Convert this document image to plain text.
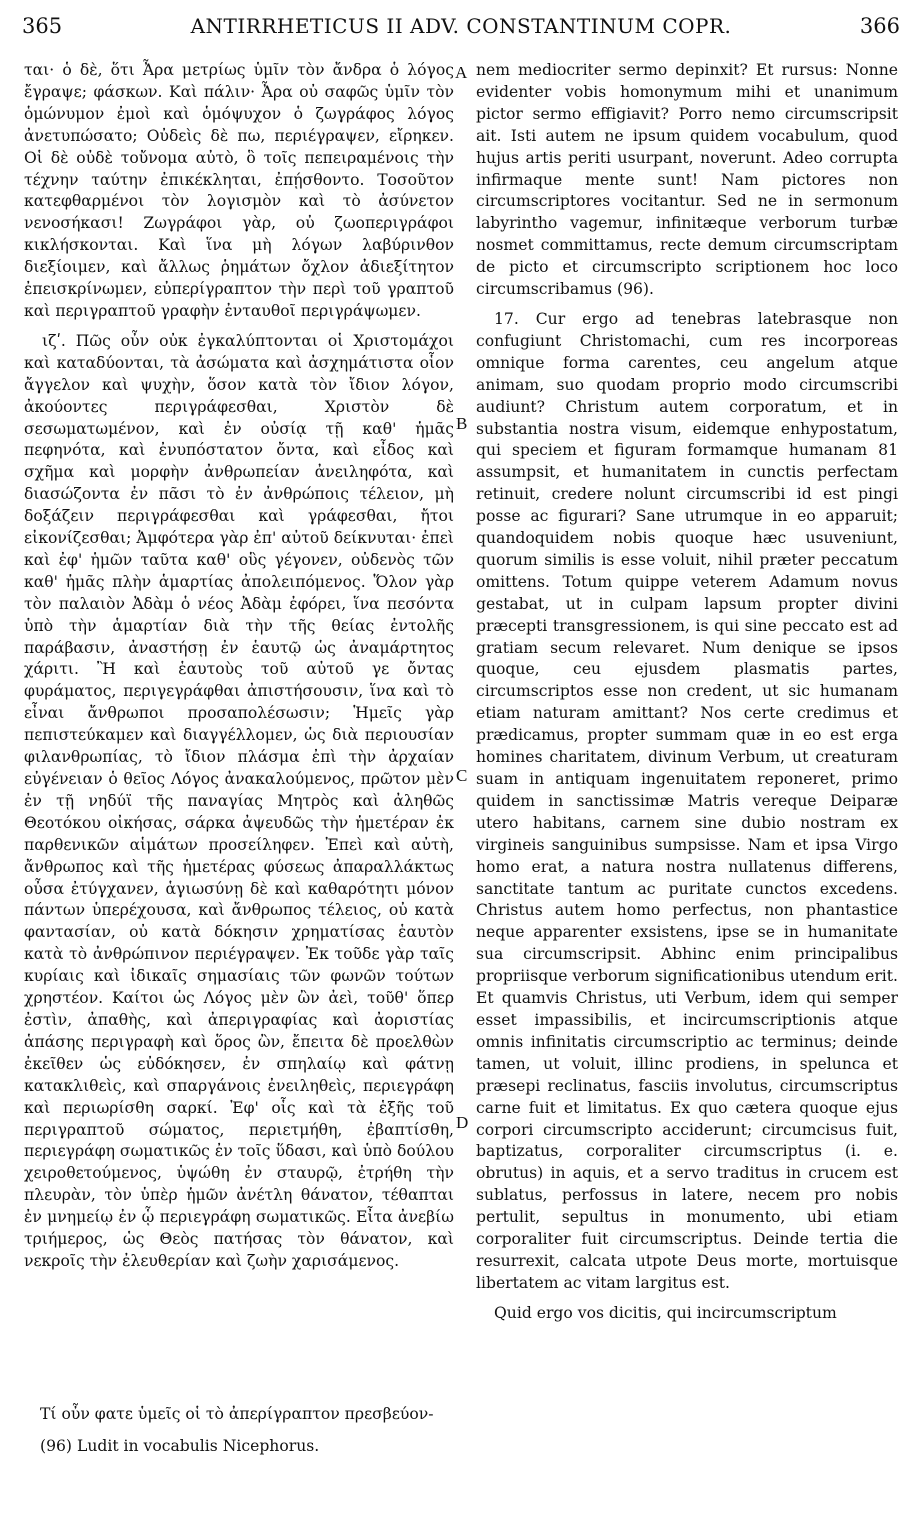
365	ANTIRRHETICUS II ADV. CONSTANTINUM COPR.	366

ται· ὁ δὲ, ὅτι Ἆρα μετρίως ὑμῖν τὸν ἄνδρα ὁ λόγος ἔγραψε; φάσκων. Καὶ πάλιν· Ἆρα οὐ σαφῶς ὑμῖν τὸν ὁμώνυμον ἐμοὶ καὶ ὁμόψυχον ὁ ζωγράφος λόγος ἀνετυπώσατο; Οὐδεὶς δὲ πω, περιέγραψεν, εἴρηκεν. Οἱ δὲ οὐδὲ τοὔνομα αὐτὸ, ὃ τοῖς πεπειραμένοις τὴν τέχνην ταύτην ἐπικέκληται, ἐπῄσθοντο. Τοσοῦτον κατεφθαρμένοι τὸν λογισμὸν καὶ τὸ ἀσύνετον νενοσήκασι! Ζωγράφοι γὰρ, οὐ ζωοπεριγράφοι κικλήσκονται. Καὶ ἵνα μὴ λόγων λαβύρινθον διεξίοιμεν, καὶ ἄλλως ῥημάτων ὄχλον ἀδιεξίτητον ἐπεισκρίνωμεν, εὐπερίγραπτον τὴν περὶ τοῦ γραπτοῦ καὶ περιγραπτοῦ γραφὴν ἐνταυθοῖ περιγράψωμεν.

ιζʹ. Πῶς οὖν οὐκ ἐγκαλύπτονται οἱ Χριστομάχοι καὶ καταδύονται, τὰ ἀσώματα καὶ ἀσχημάτιστα οἷον ἄγγελον καὶ ψυχὴν, ὅσον κατὰ τὸν ἴδιον λόγον, ἀκούοντες περιγράφεσθαι, Χριστὸν δὲ σεσωματωμένον, καὶ ἐν οὐσίᾳ τῇ καθ' ἡμᾶς πεφηνότα, καὶ ἐνυπόστατον ὄντα, καὶ εἶδος καὶ σχῆμα καὶ μορφὴν ἀνθρωπείαν ἀνειληφότα, καὶ διασώζοντα ἐν πᾶσι τὸ ἐν ἀνθρώποις τέλειον, μὴ δοξάζειν περιγράφεσθαι καὶ γράφεσθαι, ἤτοι εἰκονίζεσθαι; Ἀμφότερα γὰρ ἐπ' αὐτοῦ δείκνυται· ἐπεὶ καὶ ἐφ' ἡμῶν ταῦτα καθ' οὓς γέγονεν, οὐδενὸς τῶν καθ' ἡμᾶς πλὴν ἁμαρτίας ἀπολειπόμενος. Ὅλον γὰρ τὸν παλαιὸν Ἀδὰμ ὁ νέος Ἀδὰμ ἐφόρει, ἵνα πεσόντα ὑπὸ τὴν ἁμαρτίαν διὰ τὴν τῆς θείας ἐντολῆς παράβασιν, ἀναστήσῃ ἐν ἑαυτῷ ὡς ἀναμάρτητος χάριτι. Ἢ καὶ ἑαυτοὺς τοῦ αὐτοῦ γε ὄντας φυράματος, περιγεγράφθαι ἀπιστήσουσιν, ἵνα καὶ τὸ εἶναι ἄνθρωποι προσαπολέσωσιν; Ἡμεῖς γὰρ πεπιστεύκαμεν καὶ διαγγέλλομεν, ὡς διὰ περιουσίαν φιλανθρωπίας, τὸ ἴδιον πλάσμα ἐπὶ τὴν ἀρχαίαν εὐγένειαν ὁ θεῖος Λόγος ἀνακαλούμενος, πρῶτον μὲν ἐν τῇ νηδύϊ τῆς παναγίας Μητρὸς καὶ ἀληθῶς Θεοτόκου οἰκήσας, σάρκα ἀψευδῶς τὴν ἡμετέραν ἐκ παρθενικῶν αἱμάτων προσείληφεν. Ἐπεὶ καὶ αὐτὴ, ἄνθρωπος καὶ τῆς ἡμετέρας φύσεως ἀπαραλλάκτως οὖσα ἐτύγχανεν, ἁγιωσύνῃ δὲ καὶ καθαρότητι μόνον πάντων ὑπερέχουσα, καὶ ἄνθρωπος τέλειος, οὐ κατὰ φαντασίαν, οὐ κατὰ δόκησιν χρηματίσας ἑαυτὸν κατὰ τὸ ἀνθρώπινον περιέγραψεν. Ἐκ τοῦδε γὰρ ταῖς κυρίαις καὶ ἰδικαῖς σημασίαις τῶν φωνῶν τούτων χρηστέον. Καίτοι ὡς Λόγος μὲν ὢν ἀεὶ, τοῦθ' ὅπερ ἐστὶν, ἀπαθὴς, καὶ ἀπεριγραφίας καὶ ἀοριστίας ἁπάσης περιγραφὴ καὶ ὅρος ὢν, ἔπειτα δὲ προελθὼν ἐκεῖθεν ὡς εὐδόκησεν, ἐν σπηλαίῳ καὶ φάτνῃ κατακλιθεὶς, καὶ σπαργάνοις ἐνειληθεὶς, περιεγράφη καὶ περιωρίσθη σαρκί. Ἐφ' οἷς καὶ τὰ ἑξῆς τοῦ περιγραπτοῦ σώματος, περιετμήθη, ἐβαπτίσθη, περιεγράφη σωματικῶς ἐν τοῖς ὕδασι, καὶ ὑπὸ δούλου χειροθετούμενος, ὑψώθη ἐν σταυρῷ, ἐτρήθη τὴν πλευρὰν, τὸν ὑπὲρ ἡμῶν ἀνέτλη θάνατον, τέθαπται ἐν μνημείῳ ἐν ᾧ περιεγράφη σωματικῶς. Εἶτα ἀνεβίω τριήμερος, ὡς Θεὸς πατήσας τὸν θάνατον, καὶ νεκροῖς τὴν ἐλευθερίαν καὶ ζωὴν χαρισάμενος.

nem mediocriter sermo depinxit? Et rursus: Nonne evidenter vobis homonymum mihi et unanimum pictor sermo effigiavit? Porro nemo circumscripsit ait. Isti autem ne ipsum quidem vocabulum, quod hujus artis periti usurpant, noverunt. Adeo corrupta infirmaque mente sunt! Nam pictores non circumscriptores vocitantur. Sed ne in sermonum labyrintho vagemur, infinitæque verborum turbæ nosmet committamus, recte demum circumscriptam de picto et circumscripto scriptionem hoc loco circumscribamus (96).

17. Cur ergo ad tenebras latebrasque non confugiunt Christomachi, cum res incorporeas omnique forma carentes, ceu angelum atque animam, suo quodam proprio modo circumscribi audiunt? Christum autem corporatum, et in substantia nostra visum, eidemque enhypostatum, qui speciem et figuram formamque humanam 81 assumpsit, et humanitatem in cunctis perfectam retinuit, credere nolunt circumscribi id est pingi posse ac figurari? Sane utrumque in eo apparuit; quandoquidem nobis quoque hæc usuveniunt, quorum similis is esse voluit, nihil præter peccatum omittens. Totum quippe veterem Adamum novus gestabat, ut in culpam lapsum propter divini præcepti transgressionem, is qui sine peccato est ad gratiam secum relevaret. Num denique se ipsos quoque, ceu ejusdem plasmatis partes, circumscriptos esse non credent, ut sic humanam etiam naturam amittant? Nos certe credimus et prædicamus, propter summam quæ in eo est erga homines charitatem, divinum Verbum, ut creaturam suam in antiquam ingenuitatem reponeret, primo quidem in sanctissimæ Matris vereque Deiparæ utero habitans, carnem sine dubio nostram ex virgineis sanguinibus sumpsisse. Nam et ipsa Virgo homo erat, a natura nostra nullatenus differens, sanctitate tantum ac puritate cunctos excedens. Christus autem homo perfectus, non phantastice neque apparenter exsistens, ipse se in humanitate sua circumscripsit. Abhinc enim principalibus propriisque verborum significationibus utendum erit. Et quamvis Christus, uti Verbum, idem qui semper esset impassibilis, et incircumscriptionis atque omnis infinitatis circumscriptio ac terminus; deinde tamen, ut voluit, illinc prodiens, in spelunca et præsepi reclinatus, fasciis involutus, circumscriptus carne fuit et limitatus. Ex quo cætera quoque ejus corpori circumscripto acciderunt; circumcisus fuit, baptizatus, corporaliter circumscriptus (i. e. obrutus) in aquis, et a servo traditus in crucem est sublatus, perfossus in latere, necem pro nobis pertulit, sepultus in monumento, ubi etiam corporaliter fuit circumscriptus. Deinde tertia die resurrexit, calcata utpote Deus morte, mortuisque libertatem ac vitam largitus est.

Quid ergo vos dicitis, qui incircumscriptum

A
B
C
D
Τί οὖν φατε ὑμεῖς οἱ τὸ ἀπερίγραπτον πρεσβεύον-
(96) Ludit in vocabulis Nicephorus.
